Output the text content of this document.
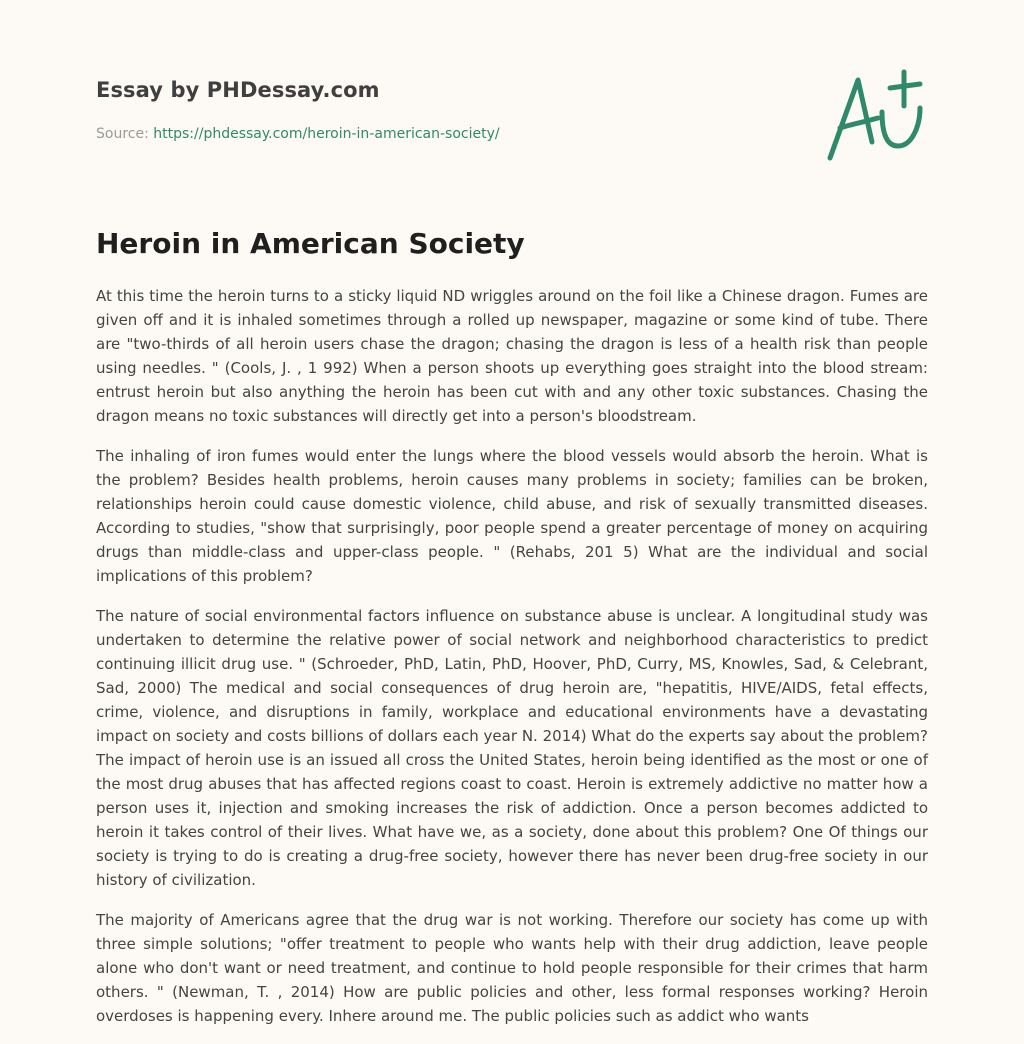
Essay by PHDessay.com
Source: https://phdessay.com/heroin-in-american-society/
Heroin in American Society

At this time the heroin turns to a sticky liquid ND wriggles around on the foil like a Chinese dragon. Fumes are given off and it is inhaled sometimes through a rolled up newspaper, magazine or some kind of tube. There are "two-thirds of all heroin users chase the dragon; chasing the dragon is less of a health risk than people using needles. " (Cools, J. , 1 992) When a person shoots up everything goes straight into the blood stream: entrust heroin but also anything the heroin has been cut with and any other toxic substances. Chasing the dragon means no toxic substances will directly get into a person's bloodstream.

The inhaling of iron fumes would enter the lungs where the blood vessels would absorb the heroin. What is the problem? Besides health problems, heroin causes many problems in society; families can be broken, relationships heroin could cause domestic violence, child abuse, and risk of sexually transmitted diseases. According to studies, "show that surprisingly, poor people spend a greater percentage of money on acquiring drugs than middle-class and upper-class people. " (Rehabs, 201 5) What are the individual and social implications of this problem?

The nature of social environmental factors influence on substance abuse is unclear. A longitudinal study was undertaken to determine the relative power of social network and neighborhood characteristics to predict continuing illicit drug use. " (Schroeder, PhD, Latin, PhD, Hoover, PhD, Curry, MS, Knowles, Sad, & Celebrant, Sad, 2000) The medical and social consequences of drug heroin are, "hepatitis, HIVE/AIDS, fetal effects, crime, violence, and disruptions in family, workplace and educational environments have a devastating impact on society and costs billions of dollars each year N. 2014) What do the experts say about the problem? The impact of heroin use is an issued all cross the United States, heroin being identified as the most or one of the most drug abuses that has affected regions coast to coast. Heroin is extremely addictive no matter how a person uses it, injection and smoking increases the risk of addiction. Once a person becomes addicted to heroin it takes control of their lives. What have we, as a society, done about this problem? One Of things our society is trying to do is creating a drug-free society, however there has never been drug-free society in our history of civilization.

The majority of Americans agree that the drug war is not working. Therefore our society has come up with three simple solutions; "offer treatment to people who wants help with their drug addiction, leave people alone who don't want or need treatment, and continue to hold people responsible for their crimes that harm others. " (Newman, T. , 2014) How are public policies and other, less formal responses working? Heroin overdoses is happening every. Inhere around me. The public policies such as addict who wants
